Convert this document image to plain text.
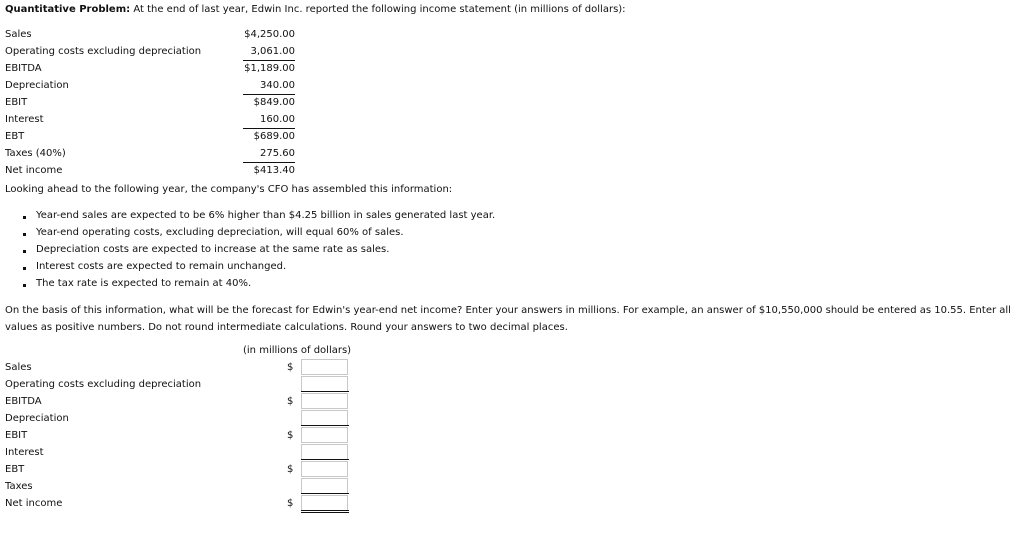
Quantitative Problem: At the end of last year, Edwin Inc. reported the following income statement (in millions of dollars):
Sales	$4,250.00
Operating costs excluding depreciation	3,061.00
EBITDA	$1,189.00
Depreciation	340.00
EBIT	$849.00
Interest	160.00
EBT	$689.00
Taxes (40%)	275.60
Net income	$413.40
Looking ahead to the following year, the company's CFO has assembled this information:
Year-end sales are expected to be 6% higher than $4.25 billion in sales generated last year.
Year-end operating costs, excluding depreciation, will equal 60% of sales.
Depreciation costs are expected to increase at the same rate as sales.
Interest costs are expected to remain unchanged.
The tax rate is expected to remain at 40%.
On the basis of this information, what will be the forecast for Edwin's year-end net income? Enter your answers in millions. For example, an answer of $10,550,000 should be entered as 10.55. Enter all values as positive numbers. Do not round intermediate calculations. Round your answers to two decimal places.
(in millions of dollars)
Sales	$
Operating costs excluding depreciation
EBITDA	$
Depreciation
EBIT	$
Interest
EBT	$
Taxes
Net income	$
